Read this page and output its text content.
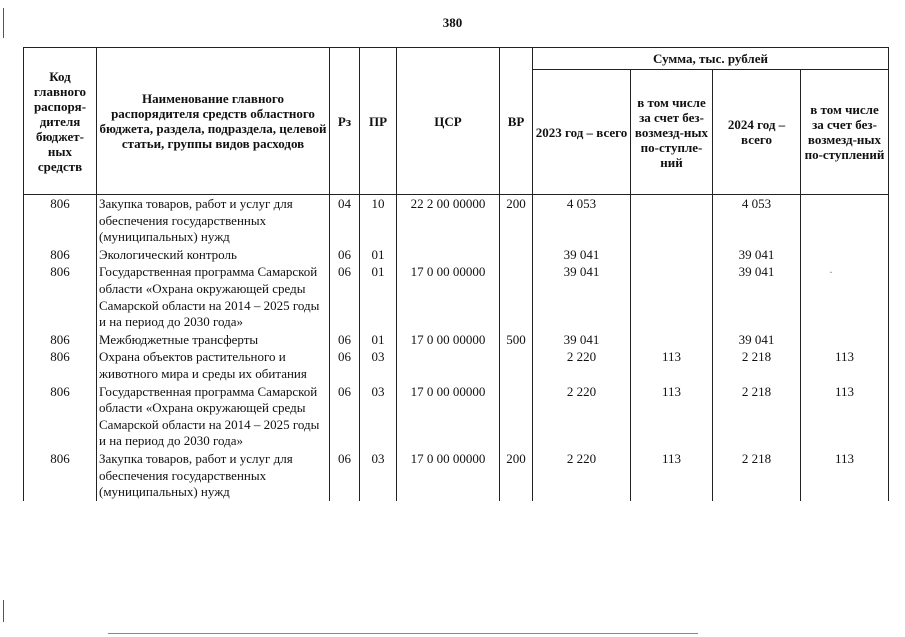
380
·
Код главного распоря-дителя бюджет-ных средств	Наименование главного распорядителя средств областного бюджета, раздела, подраздела, целевой статьи, группы видов расходов	Рз	ПР	ЦСР	ВР	Сумма, тыс. рублей			
						2023 год – всего	в том числе за счет без-возмезд-ных по-ступле-ний	2024 год – всего	в том числе за счет без-возмезд-ных по-ступлений
806	Закупка товаров, работ и услуг для обеспечения государственных (муниципальных) нужд	04	10	22 2 00 00000	200	4 053		4 053	
806	Экологический контроль	06	01			39 041		39 041	
806	Государственная программа Самарской области «Охрана окружающей среды Самарской области на 2014 – 2025 годы и на период до 2030 года»	06	01	17 0 00 00000		39 041		39 041	
806	Межбюджетные трансферты	06	01	17 0 00 00000	500	39 041		39 041	
806	Охрана объектов растительного и животного мира и среды их обитания	06	03			2 220	113	2 218	113
806	Государственная программа Самарской области «Охрана окружающей среды Самарской области на 2014 – 2025 годы и на период до 2030 года»	06	03	17 0 00 00000		2 220	113	2 218	113
806	Закупка товаров, работ и услуг для обеспечения государственных (муниципальных) нужд	06	03	17 0 00 00000	200	2 220	113	2 218	113
